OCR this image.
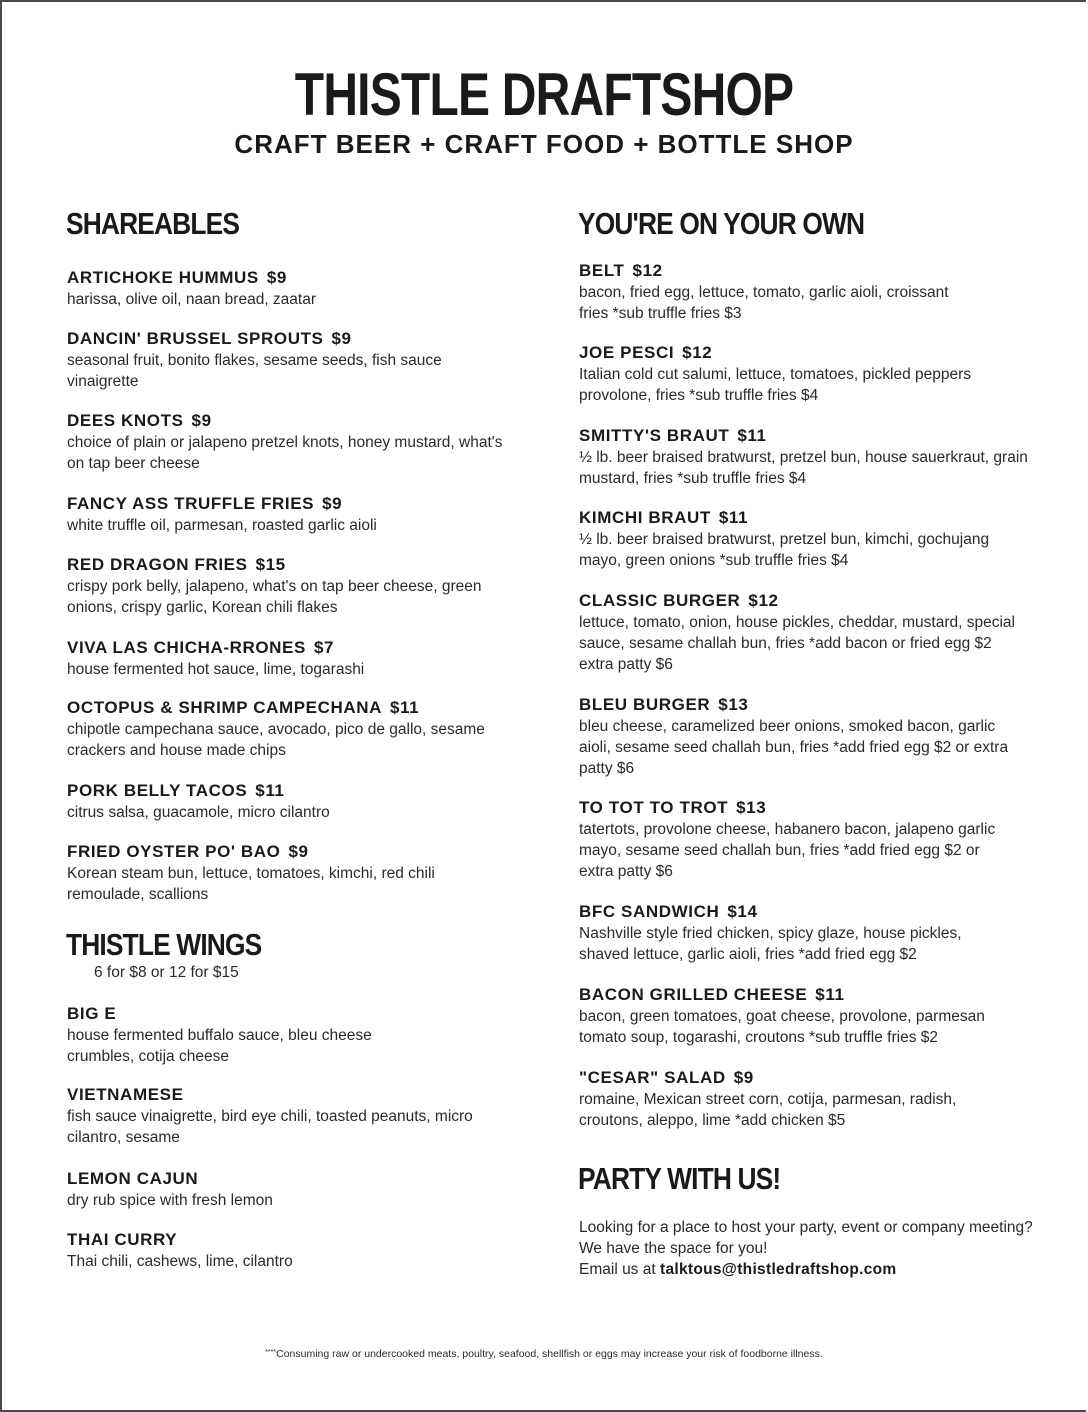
THISTLE DRAFTSHOP
CRAFT BEER + CRAFT FOOD + BOTTLE SHOP
SHAREABLES
ARTICHOKE HUMMUS $9
harissa, olive oil, naan bread, zaatar
DANCIN' BRUSSEL SPROUTS $9
seasonal fruit, bonito flakes, sesame seeds, fish sauce vinaigrette
DEES KNOTS $9
choice of plain or jalapeno pretzel knots, honey mustard, what's on tap beer cheese
FANCY ASS TRUFFLE FRIES $9
white truffle oil, parmesan, roasted garlic aioli
RED DRAGON FRIES $15
crispy pork belly, jalapeno, what's on tap beer cheese, green onions, crispy garlic, Korean chili flakes
VIVA LAS CHICHA-RRONES $7
house fermented hot sauce, lime, togarashi
OCTOPUS & SHRIMP CAMPECHANA $11
chipotle campechana sauce, avocado, pico de gallo, sesame crackers and house made chips
PORK BELLY TACOS $11
citrus salsa, guacamole, micro cilantro
FRIED OYSTER PO' BAO $9
Korean steam bun, lettuce, tomatoes, kimchi, red chili remoulade, scallions
THISTLE WINGS
6 for $8 or 12 for $15
BIG E
house fermented buffalo sauce, bleu cheese crumbles, cotija cheese
VIETNAMESE
fish sauce vinaigrette, bird eye chili, toasted peanuts, micro cilantro, sesame
LEMON CAJUN
dry rub spice with fresh lemon
THAI CURRY
Thai chili, cashews, lime, cilantro
YOU'RE ON YOUR OWN
BELT $12
bacon, fried egg, lettuce, tomato, garlic aioli, croissant fries *sub truffle fries $3
JOE PESCI $12
Italian cold cut salumi, lettuce, tomatoes, pickled peppers provolone, fries *sub truffle fries $4
SMITTY'S BRAUT $11
½ lb. beer braised bratwurst, pretzel bun, house sauerkraut, grain mustard, fries *sub truffle fries $4
KIMCHI BRAUT $11
½ lb. beer braised bratwurst, pretzel bun, kimchi, gochujang mayo, green onions *sub truffle fries $4
CLASSIC BURGER $12
lettuce, tomato, onion, house pickles, cheddar, mustard, special sauce, sesame challah bun, fries *add bacon or fried egg $2 extra patty $6
BLEU BURGER $13
bleu cheese, caramelized beer onions, smoked bacon, garlic aioli, sesame seed challah bun, fries *add fried egg $2 or extra patty $6
TO TOT TO TROT $13
tatertots, provolone cheese, habanero bacon, jalapeno garlic mayo, sesame seed challah bun, fries *add fried egg $2 or extra patty $6
BFC SANDWICH $14
Nashville style fried chicken, spicy glaze, house pickles, shaved lettuce, garlic aioli, fries *add fried egg $2
BACON GRILLED CHEESE $11
bacon, green tomatoes, goat cheese, provolone, parmesan tomato soup, togarashi, croutons *sub truffle fries $2
"CESAR" SALAD $9
romaine, Mexican street corn, cotija, parmesan, radish, croutons, aleppo, lime *add chicken $5
PARTY WITH US!
Looking for a place to host your party, event or company meeting? We have the space for you!
Email us at talktous@thistledraftshop.com
****Consuming raw or undercooked meats, poultry, seafood, shellfish or eggs may increase your risk of foodborne illness.
